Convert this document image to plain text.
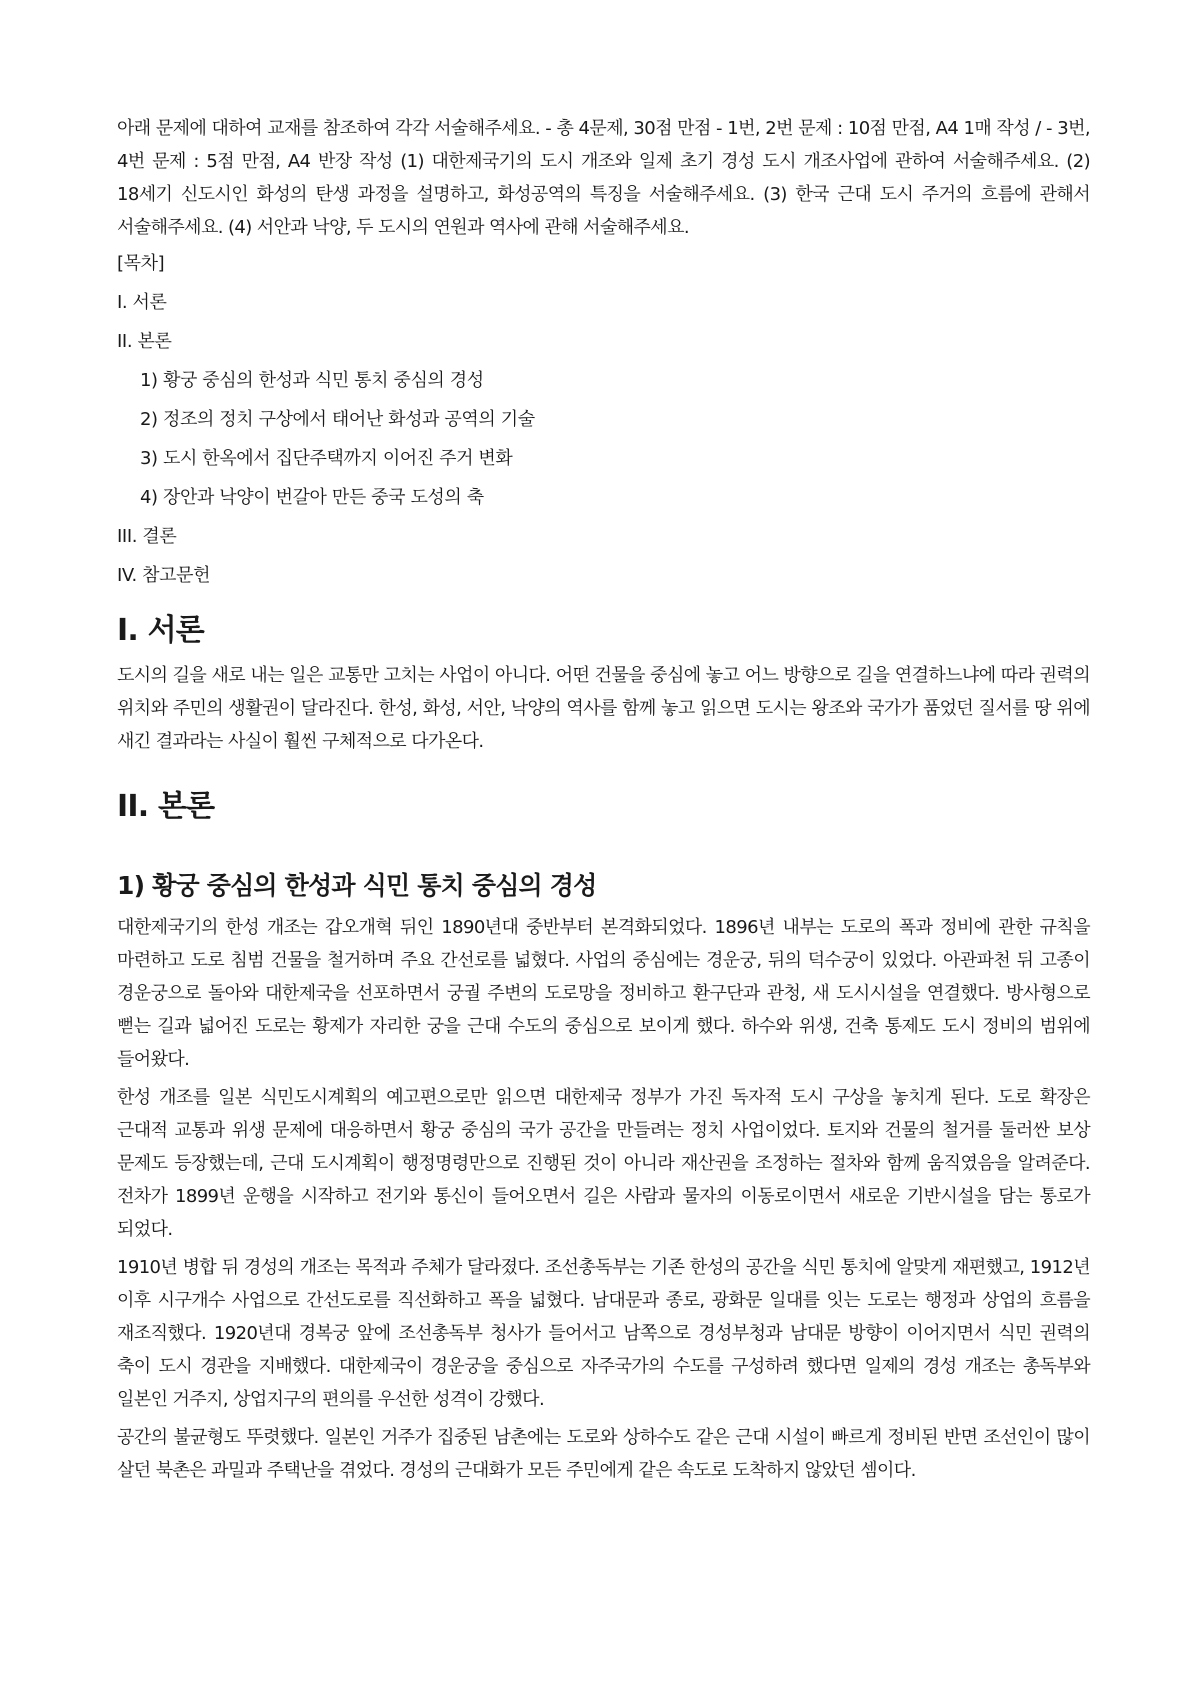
아래 문제에 대하여 교재를 참조하여 각각 서술해주세요. - 총 4문제, 30점 만점 - 1번, 2번 문제 : 10점 만점, A4 1매 작성 / - 3번, 4번 문제 : 5점 만점, A4 반장 작성 (1) 대한제국기의 도시 개조와 일제 초기 경성 도시 개조사업에 관하여 서술해주세요. (2) 18세기 신도시인 화성의 탄생 과정을 설명하고, 화성공역의 특징을 서술해주세요. (3) 한국 근대 도시 주거의 흐름에 관해서 서술해주세요. (4) 서안과 낙양, 두 도시의 연원과 역사에 관해 서술해주세요.

[목차]
I. 서론
II. 본론
1) 황궁 중심의 한성과 식민 통치 중심의 경성
2) 정조의 정치 구상에서 태어난 화성과 공역의 기술
3) 도시 한옥에서 집단주택까지 이어진 주거 변화
4) 장안과 낙양이 번갈아 만든 중국 도성의 축
III. 결론
IV. 참고문헌
I. 서론

도시의 길을 새로 내는 일은 교통만 고치는 사업이 아니다. 어떤 건물을 중심에 놓고 어느 방향으로 길을 연결하느냐에 따라 권력의 위치와 주민의 생활권이 달라진다. 한성, 화성, 서안, 낙양의 역사를 함께 놓고 읽으면 도시는 왕조와 국가가 품었던 질서를 땅 위에 새긴 결과라는 사실이 훨씬 구체적으로 다가온다.

II. 본론
1) 황궁 중심의 한성과 식민 통치 중심의 경성

대한제국기의 한성 개조는 갑오개혁 뒤인 1890년대 중반부터 본격화되었다. 1896년 내부는 도로의 폭과 정비에 관한 규칙을 마련하고 도로 침범 건물을 철거하며 주요 간선로를 넓혔다. 사업의 중심에는 경운궁, 뒤의 덕수궁이 있었다. 아관파천 뒤 고종이 경운궁으로 돌아와 대한제국을 선포하면서 궁궐 주변의 도로망을 정비하고 환구단과 관청, 새 도시시설을 연결했다. 방사형으로 뻗는 길과 넓어진 도로는 황제가 자리한 궁을 근대 수도의 중심으로 보이게 했다. 하수와 위생, 건축 통제도 도시 정비의 범위에 들어왔다.

한성 개조를 일본 식민도시계획의 예고편으로만 읽으면 대한제국 정부가 가진 독자적 도시 구상을 놓치게 된다. 도로 확장은 근대적 교통과 위생 문제에 대응하면서 황궁 중심의 국가 공간을 만들려는 정치 사업이었다. 토지와 건물의 철거를 둘러싼 보상 문제도 등장했는데, 근대 도시계획이 행정명령만으로 진행된 것이 아니라 재산권을 조정하는 절차와 함께 움직였음을 알려준다. 전차가 1899년 운행을 시작하고 전기와 통신이 들어오면서 길은 사람과 물자의 이동로이면서 새로운 기반시설을 담는 통로가 되었다.

1910년 병합 뒤 경성의 개조는 목적과 주체가 달라졌다. 조선총독부는 기존 한성의 공간을 식민 통치에 알맞게 재편했고, 1912년 이후 시구개수 사업으로 간선도로를 직선화하고 폭을 넓혔다. 남대문과 종로, 광화문 일대를 잇는 도로는 행정과 상업의 흐름을 재조직했다. 1920년대 경복궁 앞에 조선총독부 청사가 들어서고 남쪽으로 경성부청과 남대문 방향이 이어지면서 식민 권력의 축이 도시 경관을 지배했다. 대한제국이 경운궁을 중심으로 자주국가의 수도를 구성하려 했다면 일제의 경성 개조는 총독부와 일본인 거주지, 상업지구의 편의를 우선한 성격이 강했다.

공간의 불균형도 뚜렷했다. 일본인 거주가 집중된 남촌에는 도로와 상하수도 같은 근대 시설이 빠르게 정비된 반면 조선인이 많이 살던 북촌은 과밀과 주택난을 겪었다. 경성의 근대화가 모든 주민에게 같은 속도로 도착하지 않았던 셈이다.
